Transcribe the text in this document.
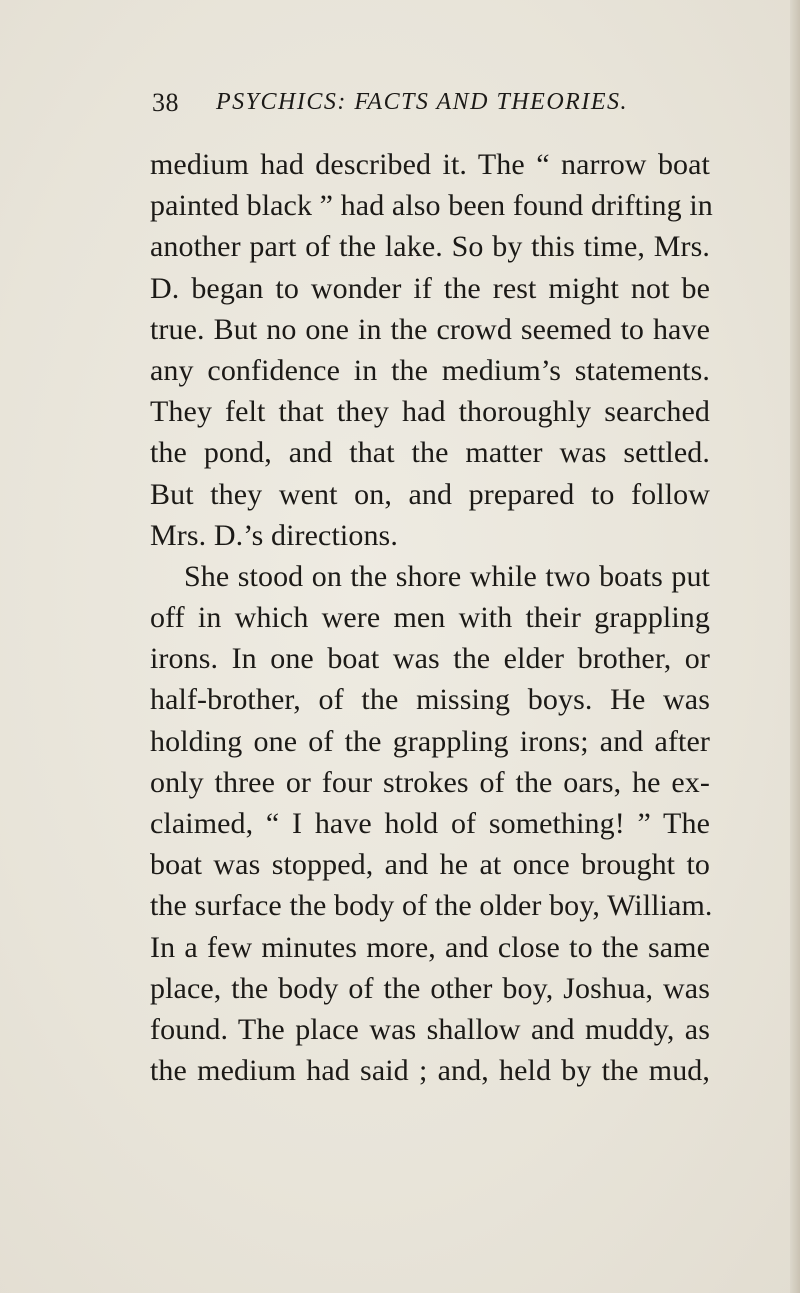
38 PSYCHICS: FACTS AND THEORIES.
medium had described it. The “ narrow boat
painted black ” had also been found drifting in
another part of the lake. So by this time, Mrs.
D. began to wonder if the rest might not be
true. But no one in the crowd seemed to have
any confidence in the medium’s statements.
They felt that they had thoroughly searched
the pond, and that the matter was settled.
But they went on, and prepared to follow
Mrs. D.’s directions.
She stood on the shore while two boats put
off in which were men with their grappling
irons. In one boat was the elder brother, or
half-brother, of the missing boys. He was
holding one of the grappling irons; and after
only three or four strokes of the oars, he ex-
claimed, “ I have hold of something! ” The
boat was stopped, and he at once brought to
the surface the body of the older boy, William.
In a few minutes more, and close to the same
place, the body of the other boy, Joshua, was
found. The place was shallow and muddy, as
the medium had said ; and, held by the mud,
